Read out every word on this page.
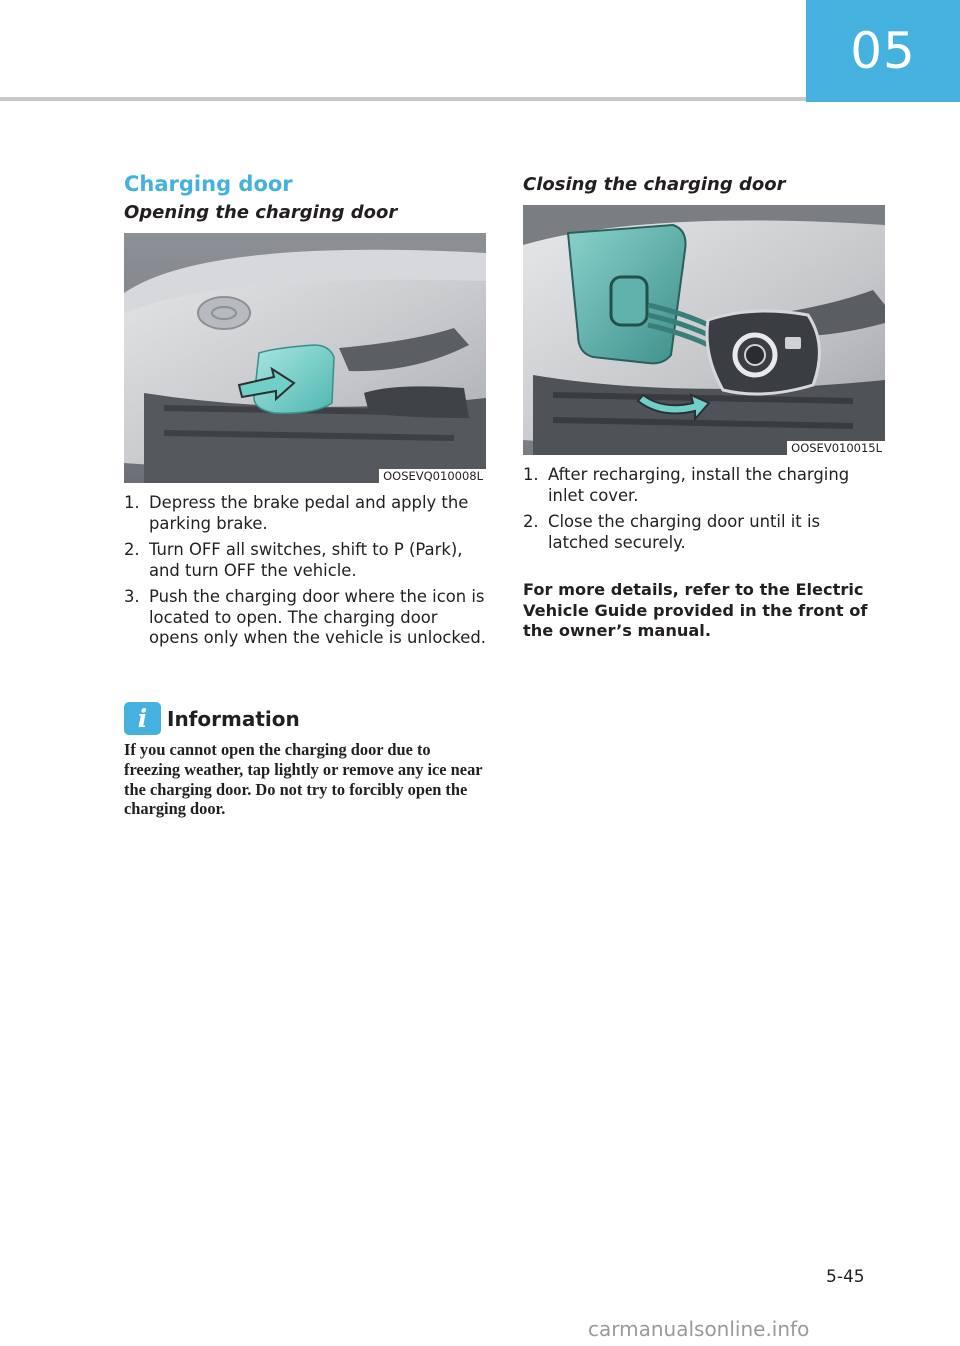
05
Charging door
Opening the charging door
OOSEVQ010008L
1. Depress the brake pedal and apply the parking brake.
2. Turn OFF all switches, shift to P (Park), and turn OFF the vehicle.
3. Push the charging door where the icon is located to open. The charging door opens only when the vehicle is unlocked.
i Information

If you cannot open the charging door due to freezing weather, tap lightly or remove any ice near the charging door. Do not try to forcibly open the charging door.

Closing the charging door
OOSEV010015L
1. After recharging, install the charging inlet cover.
2. Close the charging door until it is latched securely.

For more details, refer to the Electric Vehicle Guide provided in the front of the owner’s manual.

5-45
carmanualsonline.info
